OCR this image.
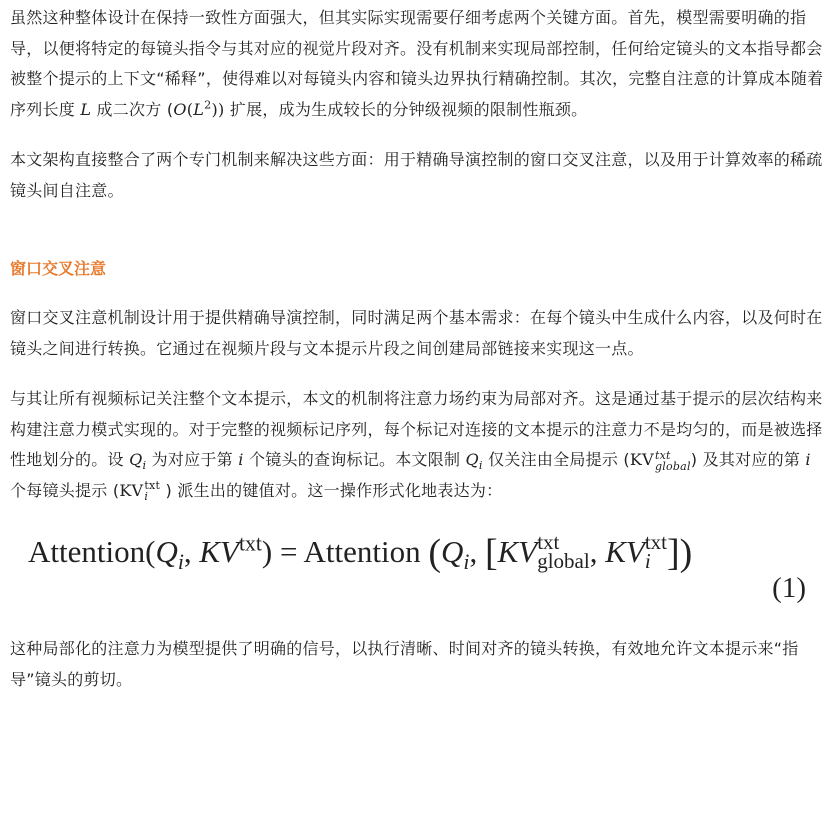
虽然这种整体设计在保持一致性方面强大，但其实际实现需要仔细考虑两个关键方面。首先，模型需要明确的指导，以便将特定的每镜头指令与其对应的视觉片段对齐。没有机制来实现局部控制，任何给定镜头的文本指导都会被整个提示的上下文“稀释”，使得难以对每镜头内容和镜头边界执行精确控制。其次，完整自注意的计算成本随着序列长度 L 成二次方 $(O(L^2))$ 扩展，成为生成较长的分钟级视频的限制性瓶颈。

本文架构直接整合了两个专门机制来解决这些方面：用于精确导演控制的窗口交叉注意，以及用于计算效率的稀疏镜头间自注意。

窗口交叉注意

窗口交叉注意机制设计用于提供精确导演控制，同时满足两个基本需求：在每个镜头中生成什么内容，以及何时在镜头之间进行转换。它通过在视频片段与文本提示片段之间创建局部链接来实现这一点。

与其让所有视频标记关注整个文本提示，本文的机制将注意力场约束为局部对齐。这是通过基于提示的层次结构来构建注意力模式实现的。对于完整的视频标记序列，每个标记对连接的文本提示的注意力不是均匀的，而是被选择性地划分的。设 $Q_i$ 为对应于第 i 个镜头的查询标记。本文限制 $Q_i$ 仅关注由全局提示 (KV txt
global ) 及其对应的第 i 个每镜头提示 (KV txt
i ) 派生出的键值对。这一操作形式化地表达为：

$Attention(Q_i$, $KV^{txt}$) = Attention ($Q_i$, [KV txt
global , KV txt
i ])
(1)

这种局部化的注意力为模型提供了明确的信号，以执行清晰、时间对齐的镜头转换，有效地允许文本提示来“指导”镜头的剪切。
